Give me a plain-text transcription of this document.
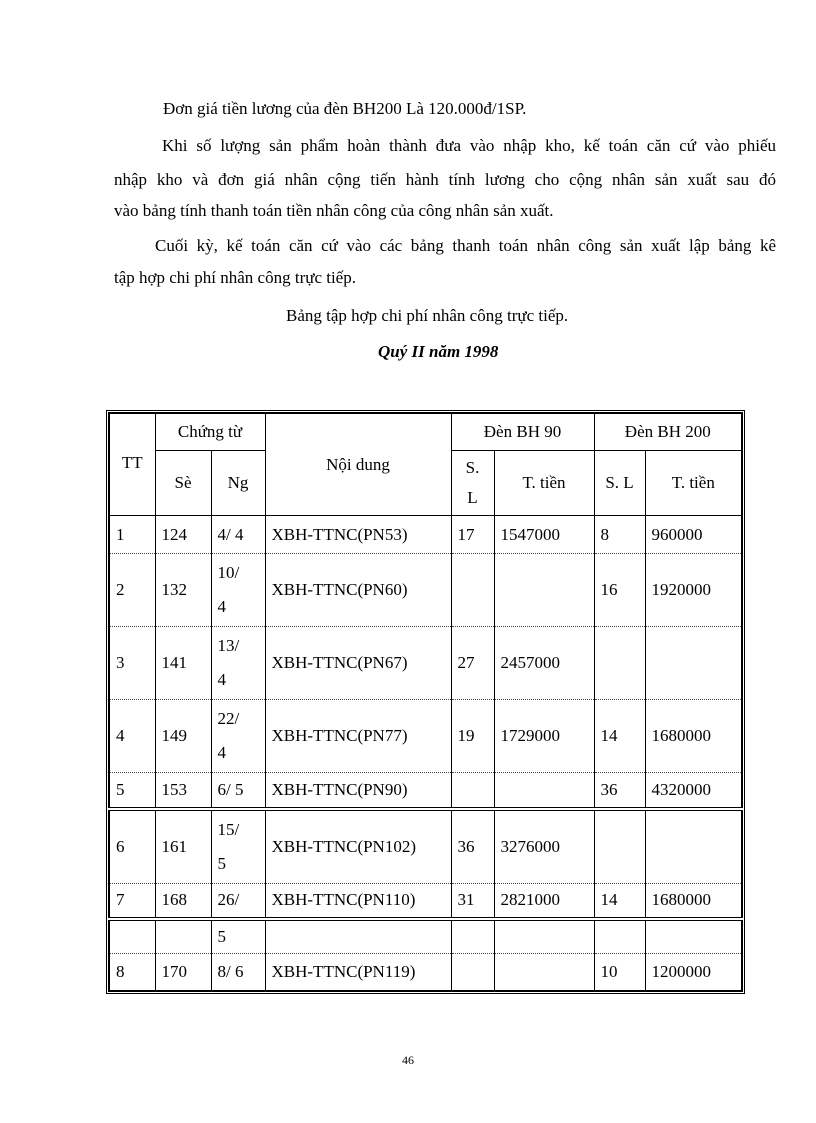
Đơn giá tiền lương của đèn BH200 Là 120.000đ/1SP.
Khi số lượng sản phẩm hoàn thành đưa vào nhập kho, kế toán căn cứ vào phiếu
nhập kho và đơn giá nhân cộng tiến hành tính lương cho cộng nhân sản xuất sau đó
vào bảng tính thanh toán tiền nhân công của công nhân sản xuất.
Cuối kỳ, kế toán căn cứ vào các bảng thanh toán nhân công sản xuất lập bảng kê
tập hợp chi phí nhân công trực tiếp.
Bảng tập hợp chi phí nhân công trực tiếp.
Quý II năm 1998
TT	Chứng từ		Nội dung	Đèn BH 90		Đèn BH 200	
	Sè	Ng		S. L	T. tiền	S. L	T. tiền
1	124	4/ 4	XBH-TTNC(PN53)	17	1547000	8	960000
2	132	10/ 4	XBH-TTNC(PN60)			16	1920000
3	141	13/ 4	XBH-TTNC(PN67)	27	2457000		
4	149	22/ 4	XBH-TTNC(PN77)	19	1729000	14	1680000
5	153	6/ 5	XBH-TTNC(PN90)			36	4320000
6	161	15/ 5	XBH-TTNC(PN102)	36	3276000		
7	168	26/	XBH-TTNC(PN110)	31	2821000	14	1680000
		5					
8	170	8/ 6	XBH-TTNC(PN119)			10	1200000
46
